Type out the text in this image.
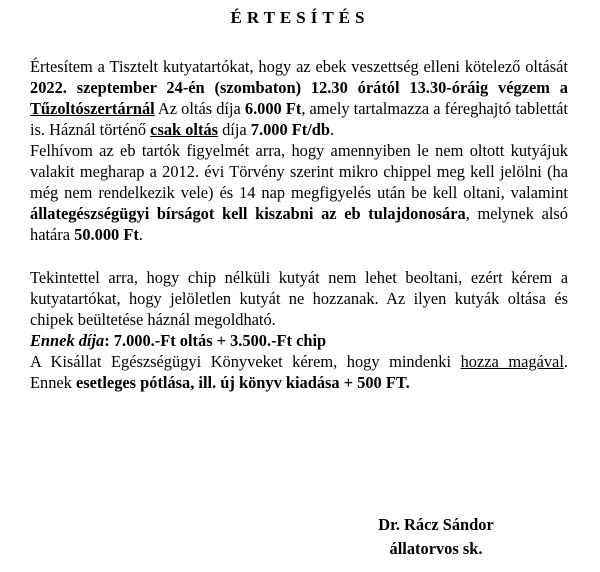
ÉRTESÍTÉS

Értesítem a Tisztelt kutyatartókat, hogy az ebek veszettség elleni kötelező oltását 2022. szeptember 24-én (szombaton) 12.30 órától 13.30-óráig végzem a Tűzoltószertárnál Az oltás díja 6.000 Ft, amely tartalmazza a féreghajtó tablettát is. Háznál történő csak oltás díja 7.000 Ft/db.

Felhívom az eb tartók figyelmét arra, hogy amennyiben le nem oltott kutyájuk valakit megharap a 2012. évi Törvény szerint mikro chippel meg kell jelölni (ha még nem rendelkezik vele) és 14 nap megfigyelés után be kell oltani, valamint állategészségügyi bírságot kell kiszabni az eb tulajdonosára, melynek alsó határa 50.000 Ft.

Tekintettel arra, hogy chip nélküli kutyát nem lehet beoltani, ezért kérem a kutyatartókat, hogy jelöletlen kutyát ne hozzanak. Az ilyen kutyák oltása és chipek beültetése háznál megoldható.

Ennek díja: 7.000.-Ft oltás + 3.500.-Ft chip

A Kisállat Egészségügyi Könyveket kérem, hogy mindenki hozza magával. Ennek esetleges pótlása, ill. új könyv kiadása + 500 FT.

Dr. Rácz Sándor
állatorvos sk.
